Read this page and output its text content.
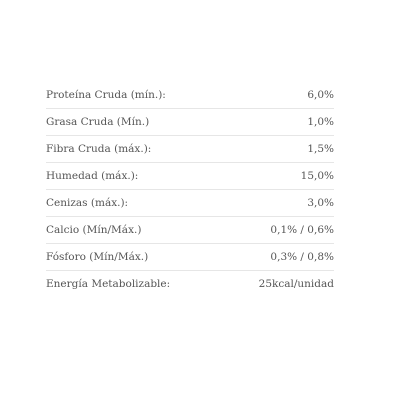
Proteína Cruda (mín.):	6,0%
Grasa Cruda (Mín.)	1,0%
Fibra Cruda (máx.):	1,5%
Humedad (máx.):	15,0%
Cenizas (máx.):	3,0%
Calcio (Mín/Máx.)	0,1% / 0,6%
Fósforo (Mín/Máx.)	0,3% / 0,8%
Energía Metabolizable:	25kcal/unidad
